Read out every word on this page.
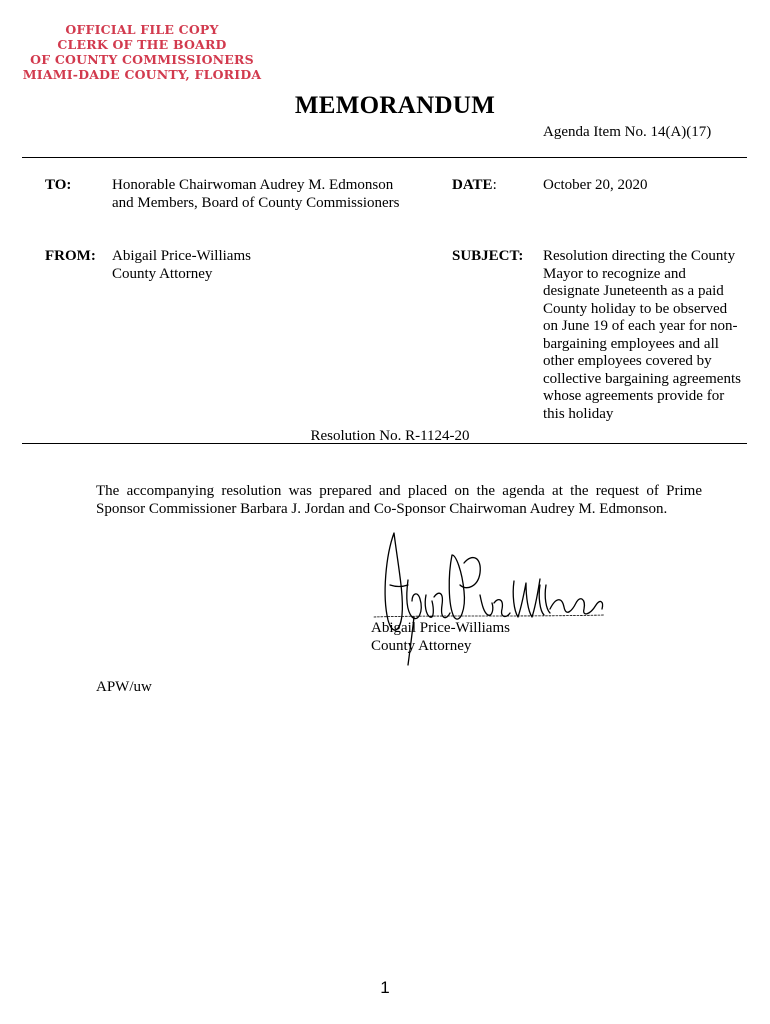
OFFICIAL FILE COPY
CLERK OF THE BOARD
OF COUNTY COMMISSIONERS
MIAMI-DADE COUNTY, FLORIDA
MEMORANDUM
Agenda Item No. 14(A)(17)
TO:	Honorable Chairwoman Audrey M. Edmonson
and Members, Board of County Commissioners
DATE:	October 20, 2020
FROM: Abigail Price-Williams
County Attorney
SUBJECT: Resolution directing the County
Mayor to recognize and
designate Juneteenth as a paid
County holiday to be observed
on June 19 of each year for non-
bargaining employees and all
other employees covered by
collective bargaining agreements
whose agreements provide for
this holiday
Resolution No. R-1124-20
The accompanying resolution was prepared and placed on the agenda at the request of Prime Sponsor Commissioner Barbara J. Jordan and Co-Sponsor Chairwoman Audrey M. Edmonson.
Abigail Price-Williams
County Attorney
APW/uw
1
